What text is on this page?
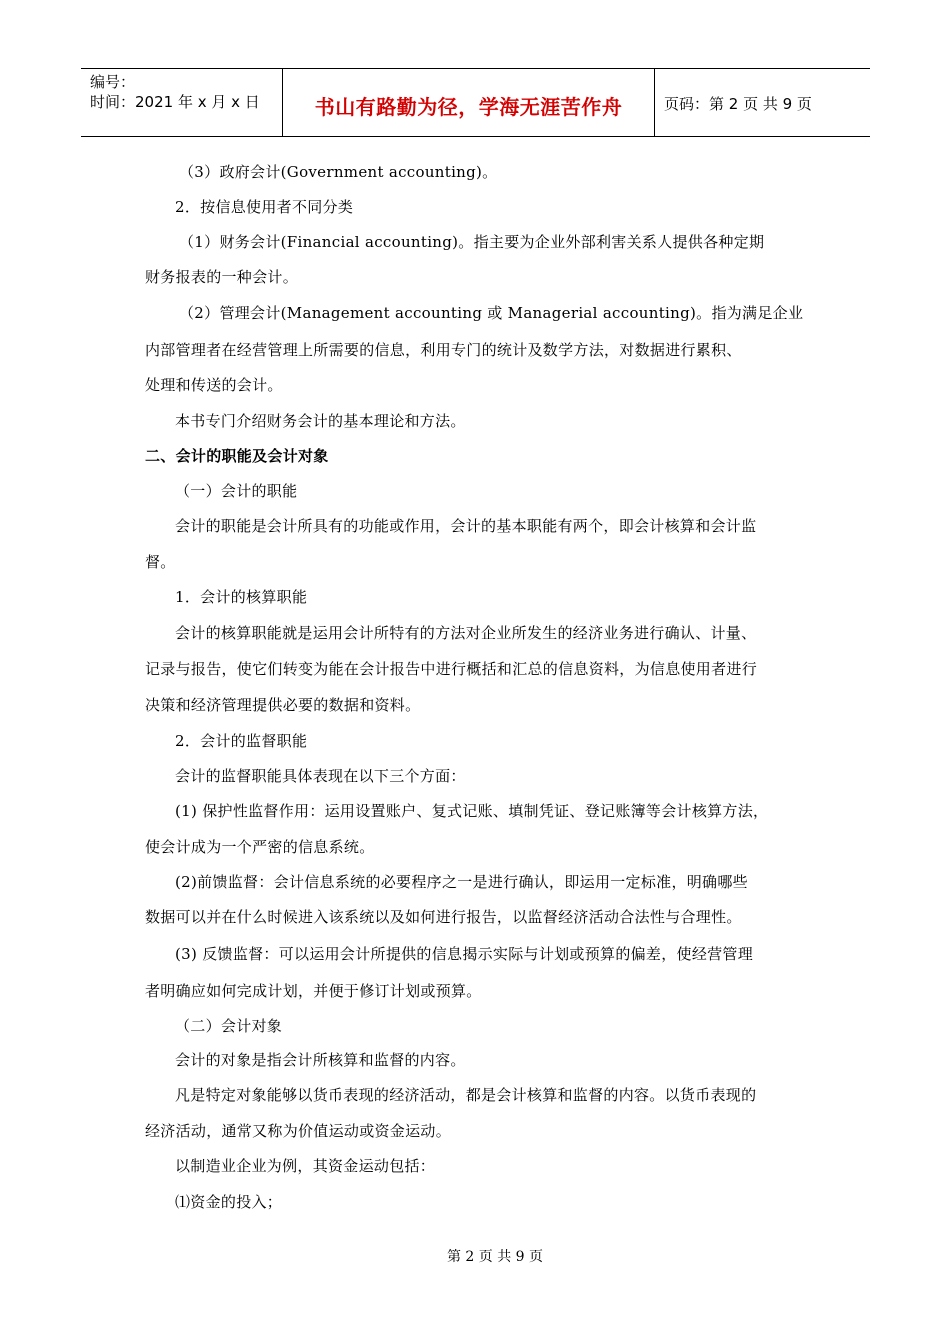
编号：
时间：2021 年 x 月 x 日	书山有路勤为径，学海无涯苦作舟	页码：第 2 页 共 9 页
（3）政府会计(Government accounting)。
2．按信息使用者不同分类
（1）财务会计(Financial accounting)。指主要为企业外部利害关系人提供各种定期
财务报表的一种会计。
（2）管理会计(Management accounting 或 Managerial accounting)。指为满足企业
内部管理者在经营管理上所需要的信息，利用专门的统计及数学方法，对数据进行累积、
处理和传送的会计。
本书专门介绍财务会计的基本理论和方法。
二、会计的职能及会计对象
（一）会计的职能
会计的职能是会计所具有的功能或作用，会计的基本职能有两个，即会计核算和会计监
督。
1．会计的核算职能
会计的核算职能就是运用会计所特有的方法对企业所发生的经济业务进行确认、计量、
记录与报告，使它们转变为能在会计报告中进行概括和汇总的信息资料，为信息使用者进行
决策和经济管理提供必要的数据和资料。
2．会计的监督职能
会计的监督职能具体表现在以下三个方面：
(1) 保护性监督作用：运用设置账户、复式记账、填制凭证、登记账簿等会计核算方法，
使会计成为一个严密的信息系统。
(2)前馈监督：会计信息系统的必要程序之一是进行确认，即运用一定标准，明确哪些
数据可以并在什么时候进入该系统以及如何进行报告，以监督经济活动合法性与合理性。
(3) 反馈监督：可以运用会计所提供的信息揭示实际与计划或预算的偏差，使经营管理
者明确应如何完成计划，并便于修订计划或预算。
（二）会计对象
会计的对象是指会计所核算和监督的内容。
凡是特定对象能够以货币表现的经济活动，都是会计核算和监督的内容。以货币表现的
经济活动，通常又称为价值运动或资金运动。
以制造业企业为例，其资金运动包括：
⑴资金的投入；
第 2 页 共 9 页
